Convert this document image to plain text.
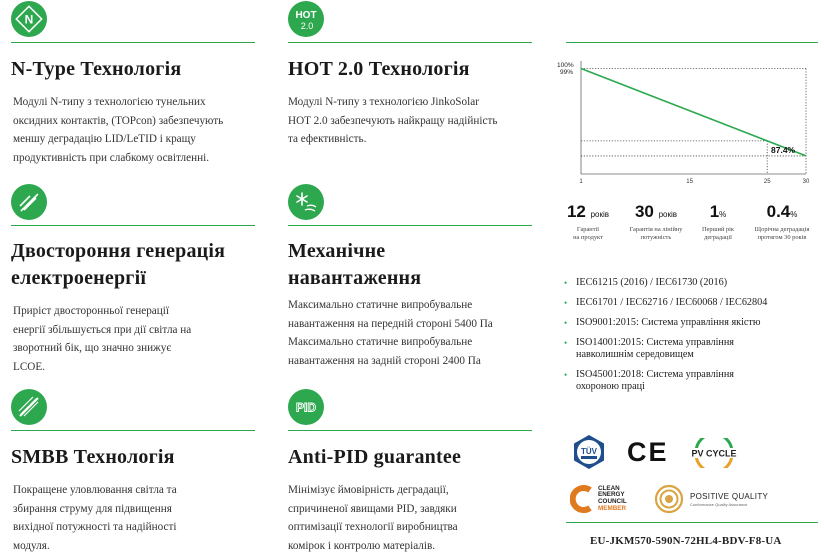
N
N-Type Технологія
Модулі N-типу з технологією тунельних
оксидних контактів, (TOPcon) забезпечують
меншу деградацію LID/LeTID і кращу
продуктивність при слабкому освітленні.
Двостороння генерація
електроенергії
Приріст двосторонньої генерації
енергії збільшується при дії світла на
зворотний бік, що значно знижує
LCOE.
SMBB Технологія
Покращене уловлювання світла та
збирання струму для підвищення
вихідної потужності та надійності
модуля.
HOT
2.0
HOT 2.0 Технологія
Модулі N-типу з технологією JinkoSolar
HOT 2.0 забезпечують найкращу надійність
та ефективність.
Механічне
навантаження
Максимально статичне випробувальне
навантаження на передній стороні 5400 Па
Максимально статичне випробувальне
навантаження на задній стороні 2400 Па
PID
Anti-PID guarantee
Мінімізує ймовірність деградації,
спричиненої явищами PID, завдяки
оптимізації технології виробництва
комірок і контролю матеріалів.
100%
99%
1	15	25	30
87.4%
12 років
Гарантії
на продукт
30 років
Гарантія на лінійну
потужність
1%
Перший рік
деградації
0.4%
Щорічна деградація
протягом 30 років
• IEC61215 (2016) / IEC61730 (2016)
• IEC61701 / IEC62716 / IEC60068 / IEC62804
• ISO9001:2015: Система управління якістю
• ISO14001:2015: Система управління
навколишнім середовищем
• ISO45001:2018: Система управління
охороною праці
TÜV CE	PV CYCLE
CLEAN
ENERGY
COUNCIL
MEMBER
POSITIVE QUALITY
Conformance Quality Assurance
EU-JKM570-590N-72HL4-BDV-F8-UA
